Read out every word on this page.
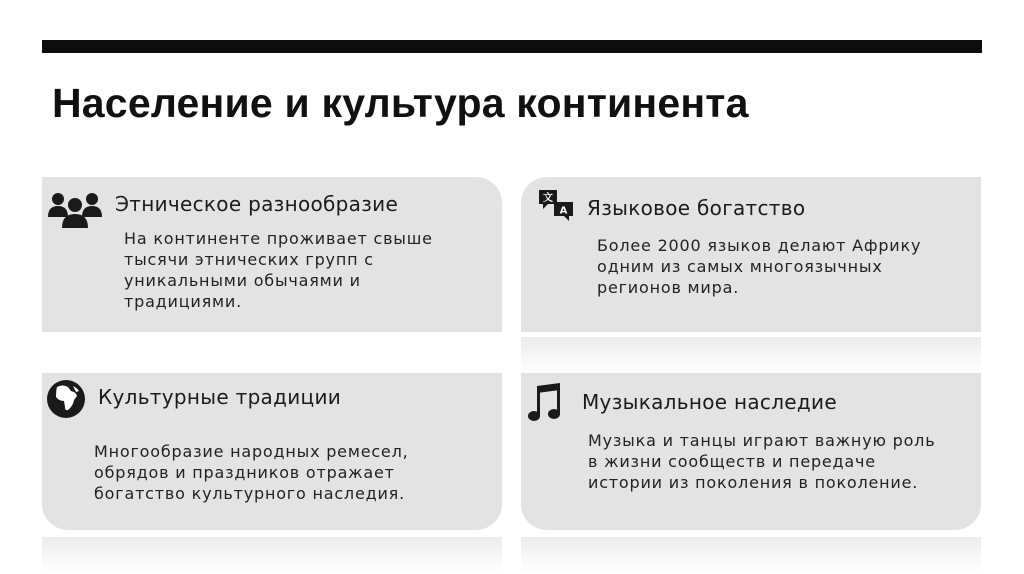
Население и культура континента
Этническое разнообразие

На континенте проживает свыше
тысячи этнических групп с
уникальными обычаями и
традициями.

文
A Языковое богатство

Более 2000 языков делают Африку
одним из самых многоязычных
регионов мира.

Культурные традиции

Многообразие народных ремесел,
обрядов и праздников отражает
богатство культурного наследия.

Музыкальное наследие

Музыка и танцы играют важную роль
в жизни сообществ и передаче
истории из поколения в поколение.
